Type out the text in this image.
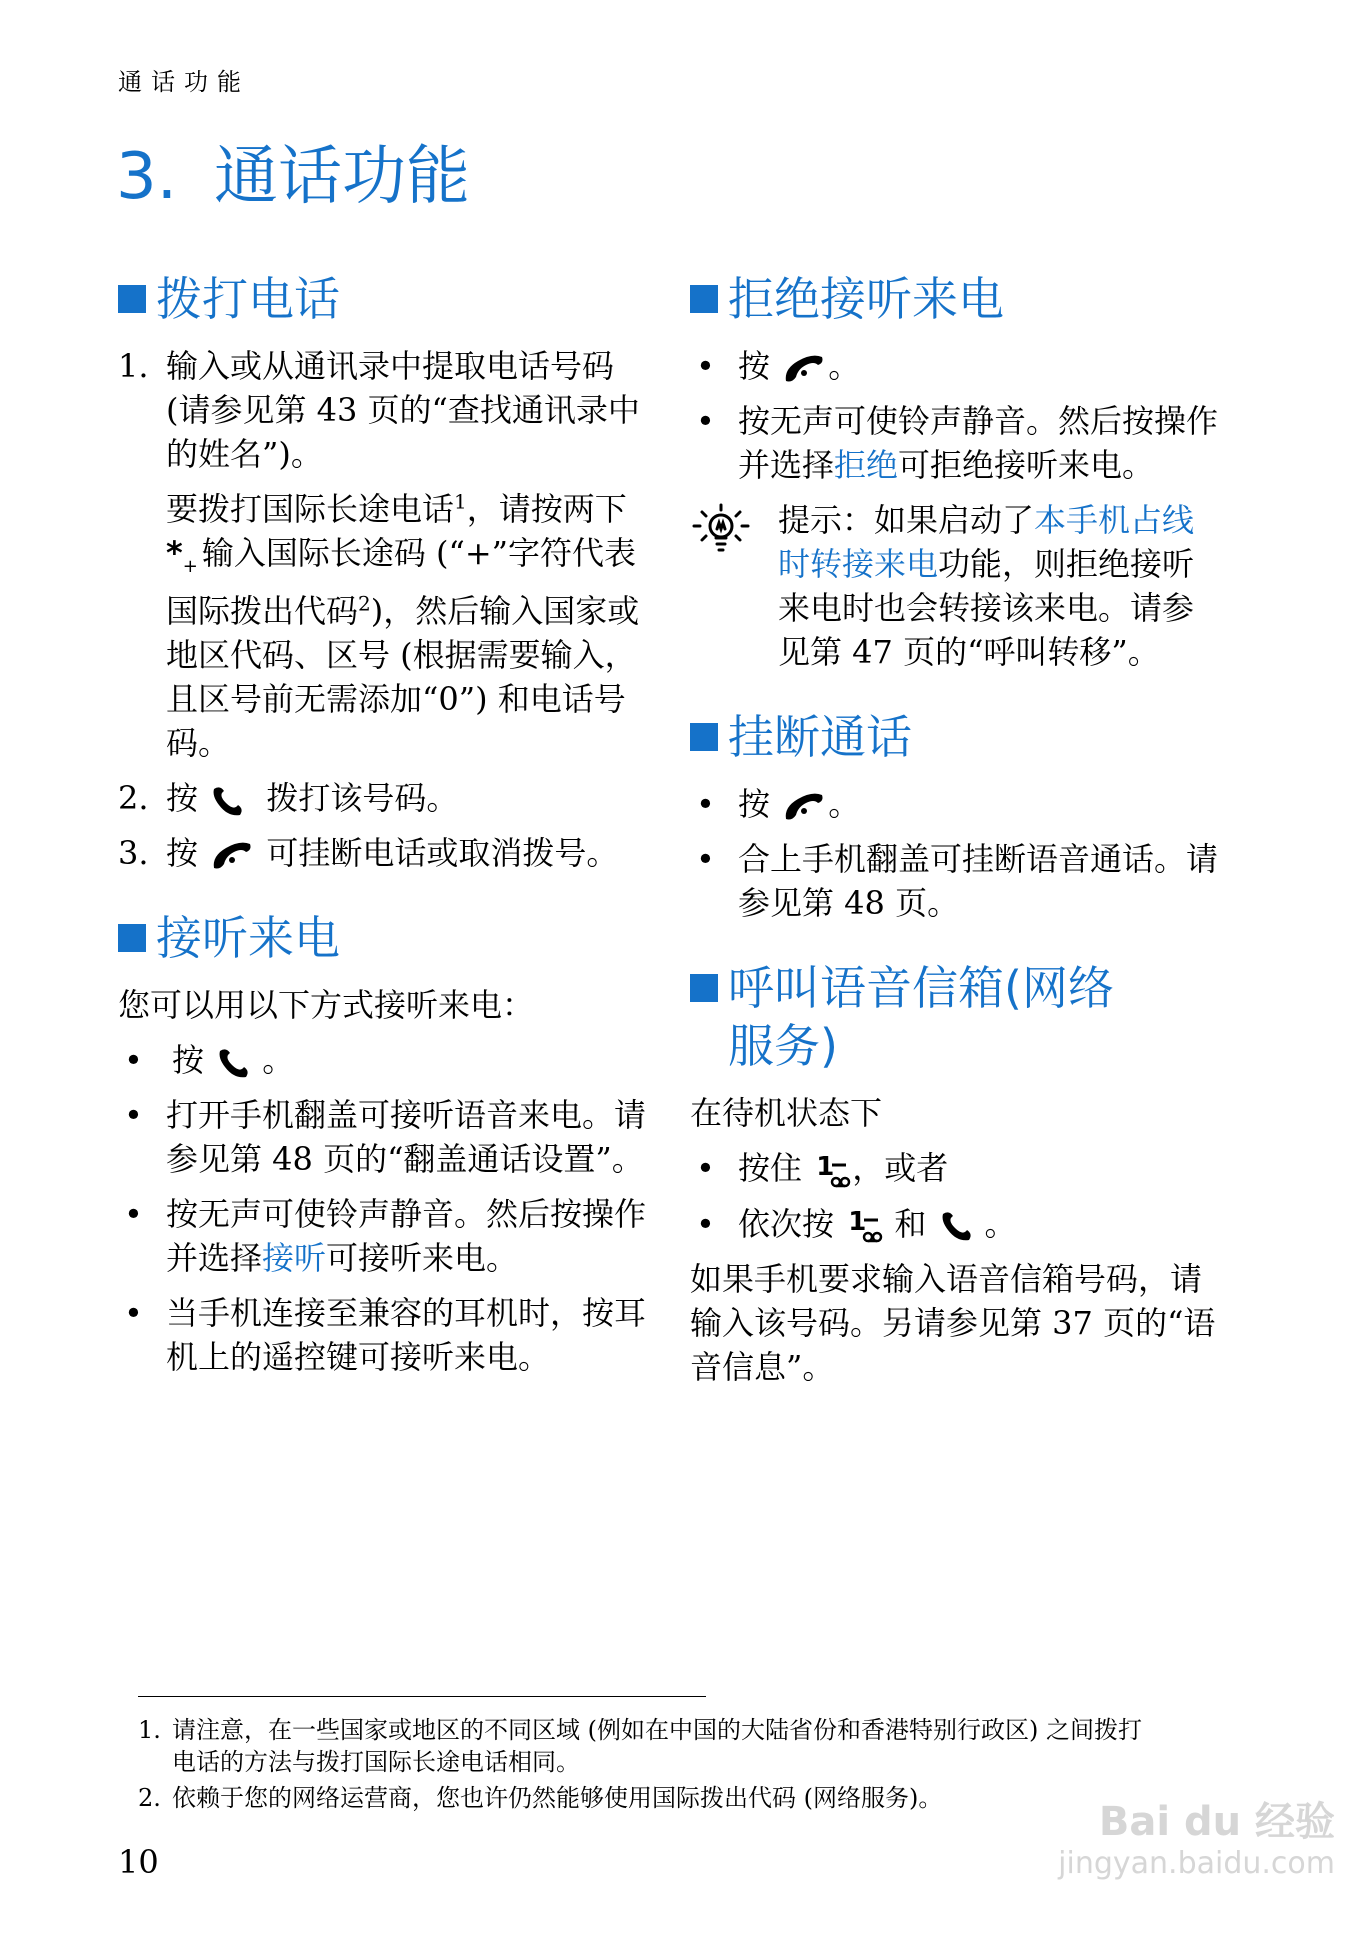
通话功能
3. 通话功能
拨打电话
1. 输入或从通讯录中提取电话号码 (请参见第 43 页的“查找通讯录中的姓名”)。
要拨打国际长途电话$^1$，请按两下 $*_+$ 输入国际长途码 (“+”字符代表国际拨出代码$^2$)，然后输入国家或地区代码、区号 (根据需要输入，且区号前无需添加“0”) 和电话号码。
2. 按 拨打该号码。
3. 按 可挂断电话或取消拨号。
接听来电

您可以用以下方式接听来电：

• 按 。
• 打开手机翻盖可接听语音来电。请参见第 48 页的“翻盖通话设置”。
• 按无声可使铃声静音。然后按操作并选择接听可接听来电。
• 当手机连接至兼容的耳机时，按耳机上的遥控键可接听来电。
拒绝接听来电
• 按 。
• 按无声可使铃声静音。然后按操作并选择拒绝可拒绝接听来电。
提示：如果启动了本手机占线时转接来电功能，则拒绝接听来电时也会转接该来电。请参见第 47 页的“呼叫转移”。
挂断通话
• 按 。
• 合上手机翻盖可挂断语音通话。请参见第 48 页。
呼叫语音信箱(网络
服务)

在待机状态下

• 按住 1 ，或者
• 依次按 1 和 。

如果手机要求输入语音信箱号码，请输入该号码。另请参见第 37 页的“语音信息”。

1. 请注意，在一些国家或地区的不同区域 (例如在中国的大陆省份和香港特别行政区) 之间拨打电话的方法与拨打国际长途电话相同。
2. 依赖于您的网络运营商，您也许仍然能够使用国际拨出代码 (网络服务)。
10
Bai du 经验
jingyan.baidu.com
